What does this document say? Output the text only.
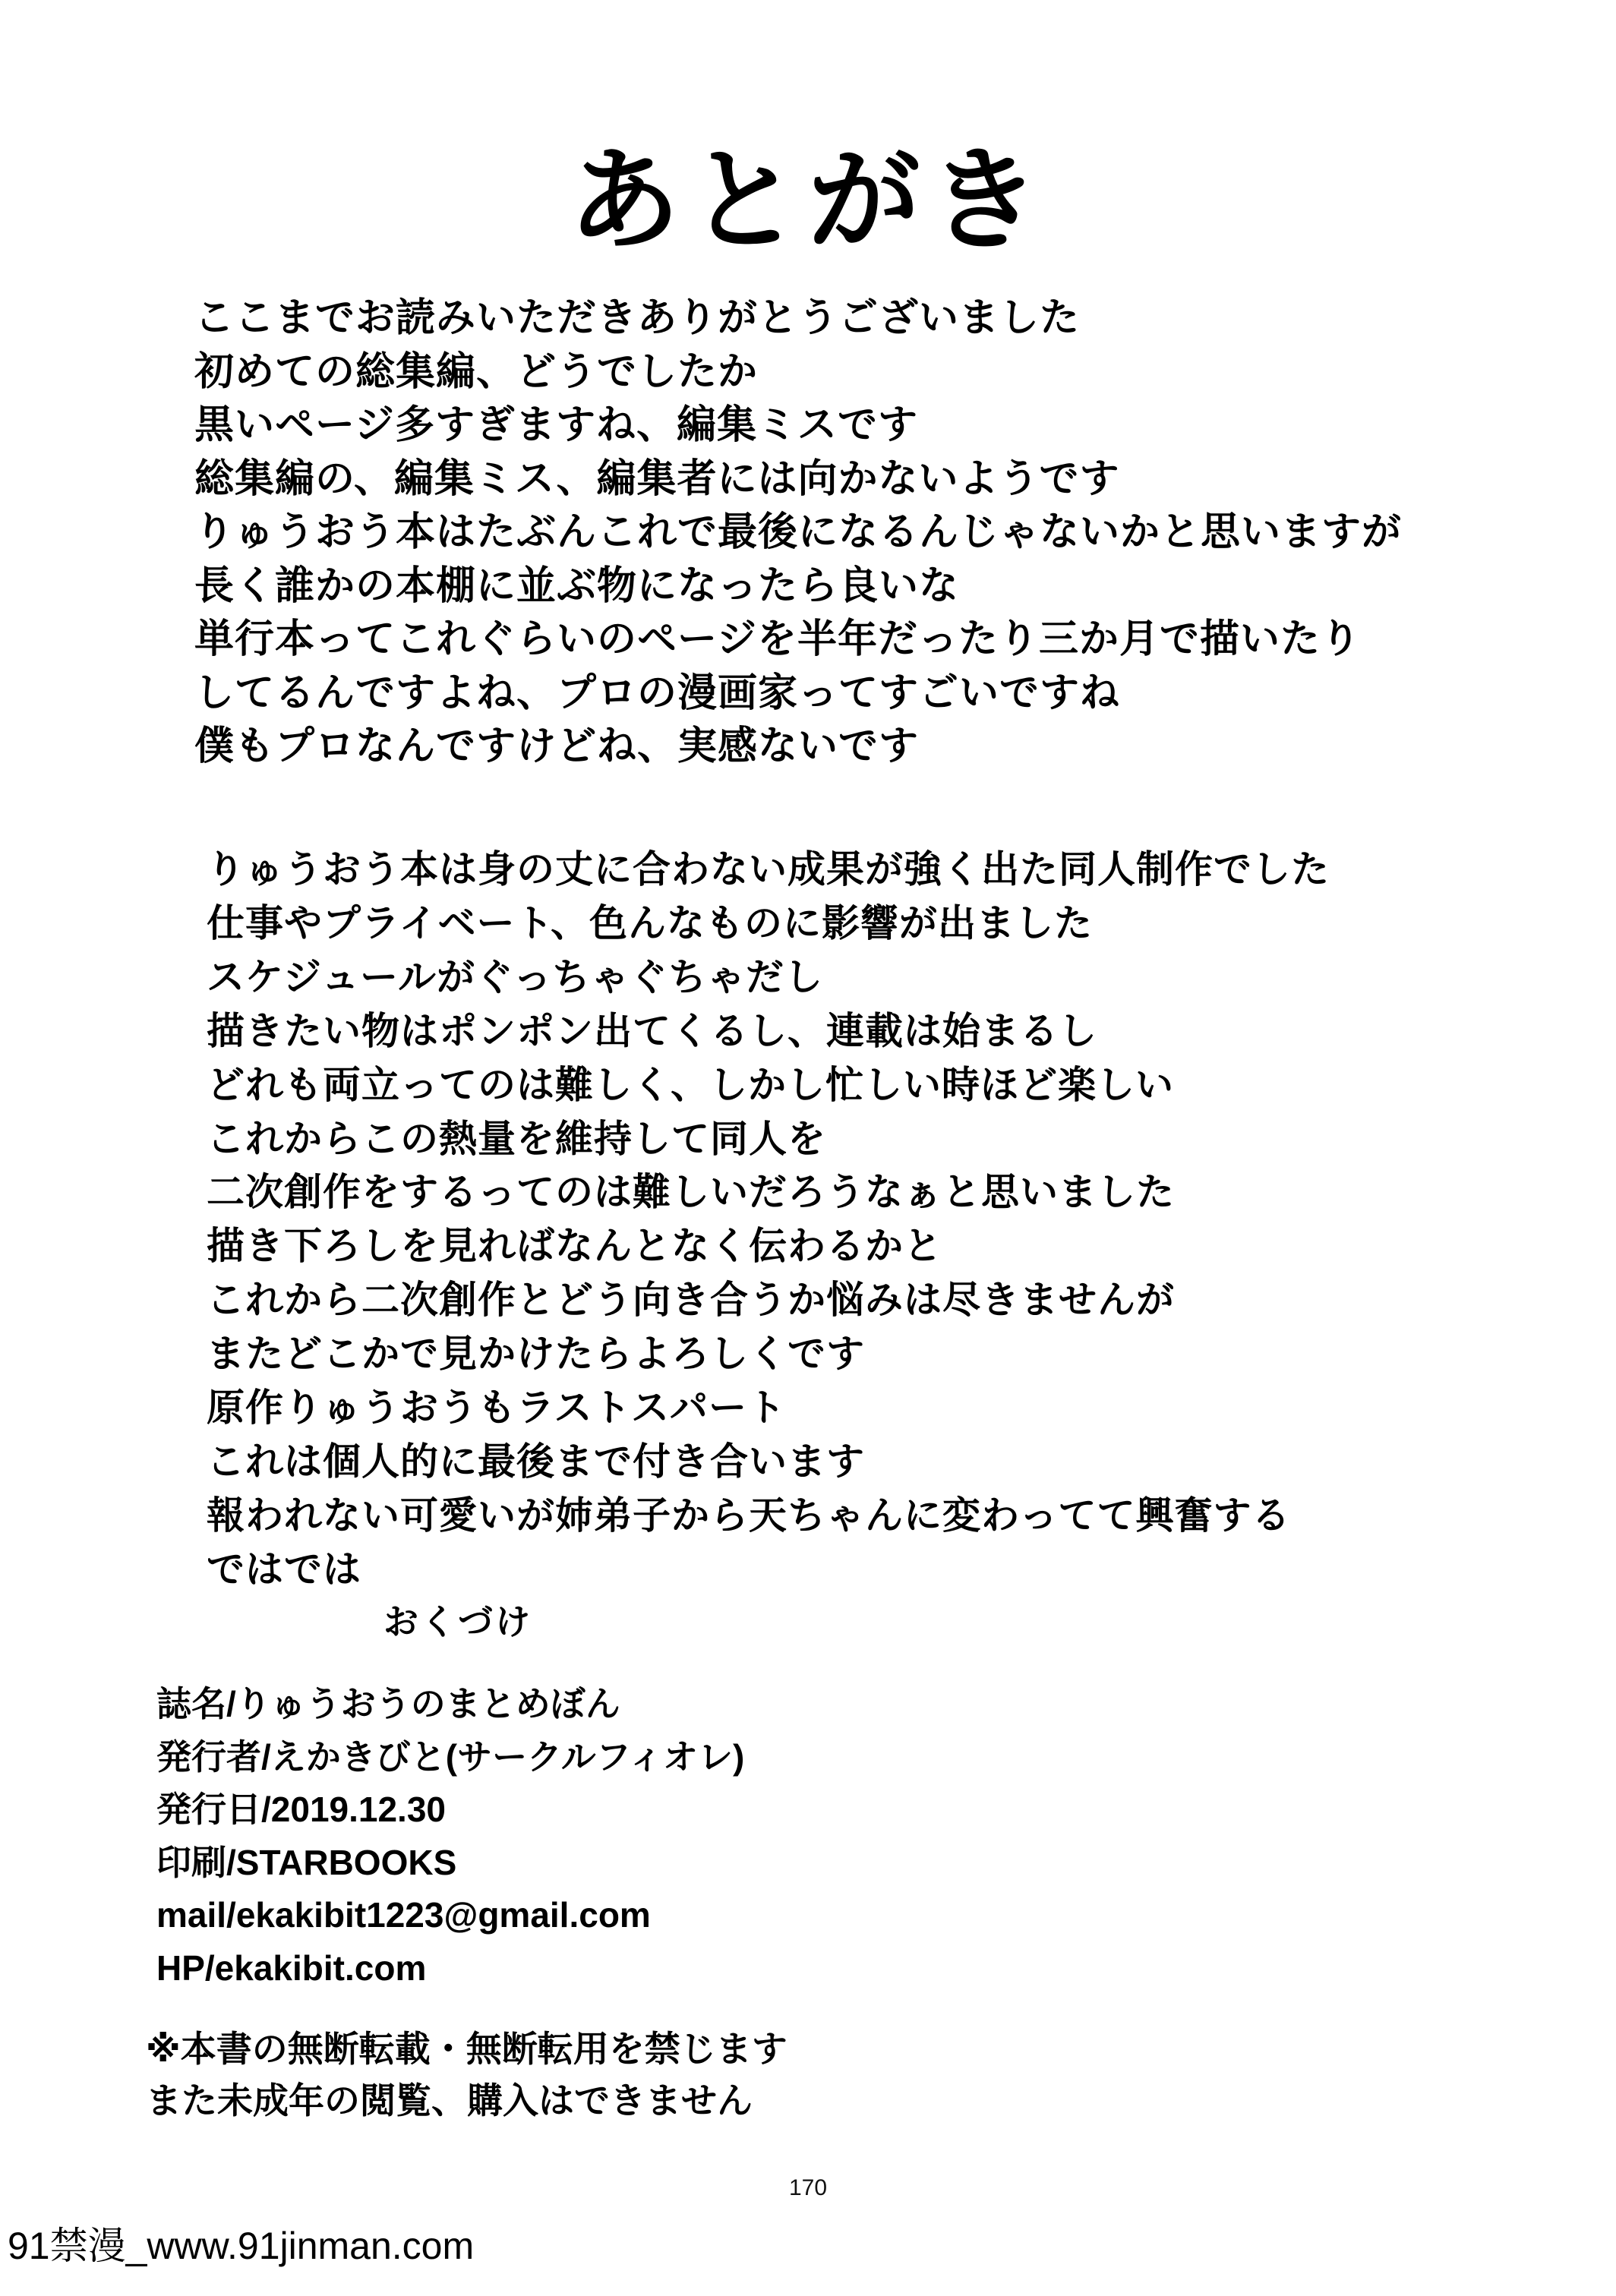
あとがき
ここまでお読みいただきありがとうございました
初めての総集編、どうでしたか
黒いページ多すぎますね、編集ミスです
総集編の、編集ミス、編集者には向かないようです
りゅうおう本はたぶんこれで最後になるんじゃないかと思いますが
長く誰かの本棚に並ぶ物になったら良いな
単行本ってこれぐらいのページを半年だったり三か月で描いたり
してるんですよね、プロの漫画家ってすごいですね
僕もプロなんですけどね、実感ないです
りゅうおう本は身の丈に合わない成果が強く出た同人制作でした
仕事やプライベート、色んなものに影響が出ました
スケジュールがぐっちゃぐちゃだし
描きたい物はポンポン出てくるし、連載は始まるし
どれも両立ってのは難しく、しかし忙しい時ほど楽しい
これからこの熱量を維持して同人を
二次創作をするってのは難しいだろうなぁと思いました
描き下ろしを見ればなんとなく伝わるかと
これから二次創作とどう向き合うか悩みは尽きませんが
またどこかで見かけたらよろしくです
原作りゅうおうもラストスパート
これは個人的に最後まで付き合います
報われない可愛いが姉弟子から天ちゃんに変わってて興奮する
ではでは
おくづけ
誌名/りゅうおうのまとめぼん
発行者/えかきびと(サークルフィオレ)
発行日/2019.12.30
印刷/STARBOOKS
mail/ekakibit1223@gmail.com
HP/ekakibit.com
※本書の無断転載・無断転用を禁じます
また未成年の閲覧、購入はできません
170
91禁漫_www.91jinman.com
